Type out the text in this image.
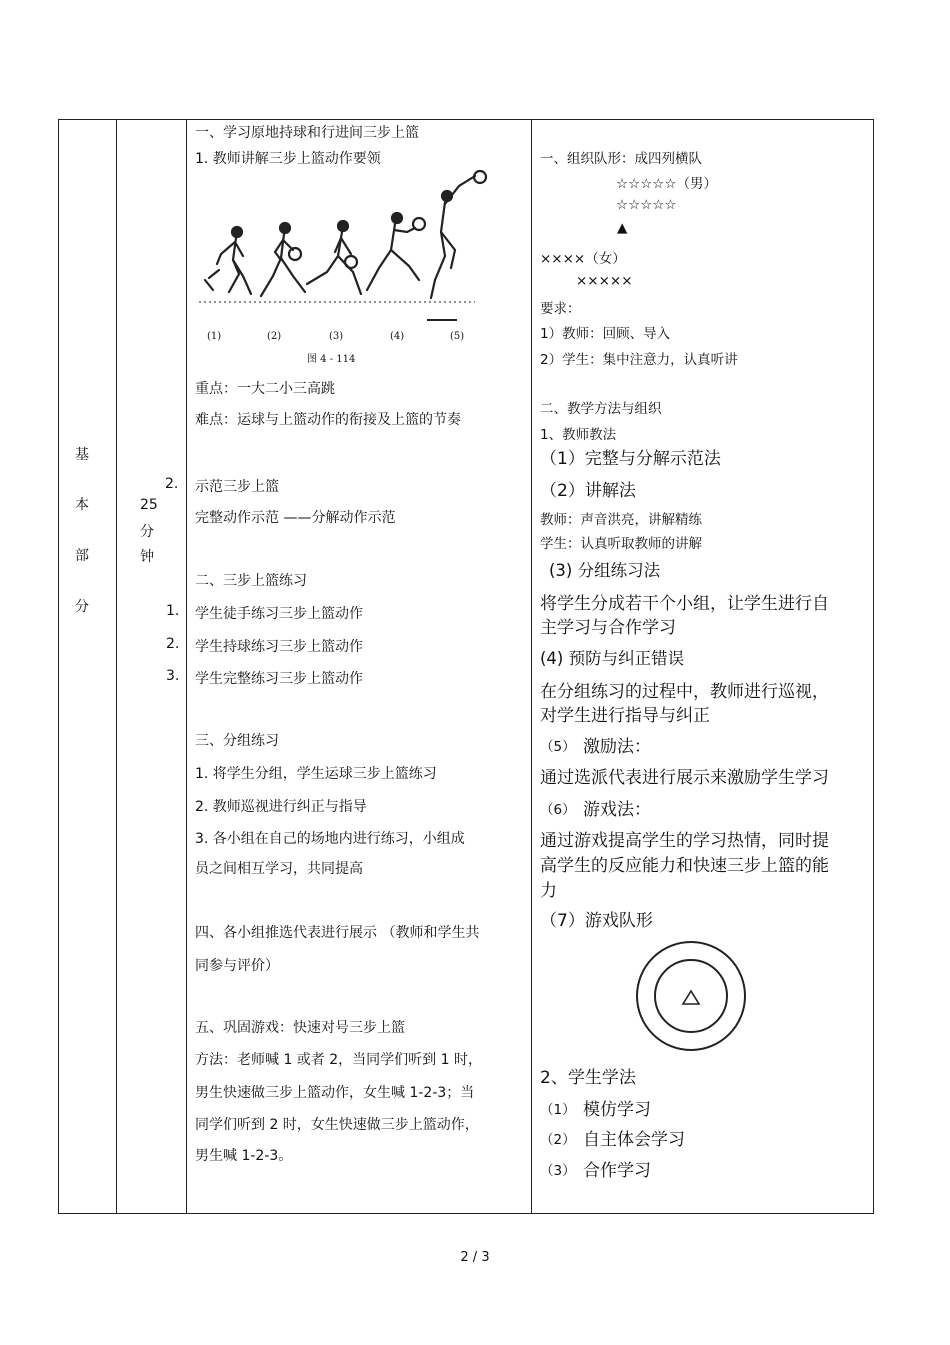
基
本
部
分
2.
25
分
钟
1.
2.
3.
一、学习原地持球和行进间三步上篮
1. 教师讲解三步上篮动作要领
(1)	(2)	(3)	(4)	(5)
图 4 - 114
重点：一大二小三高跳
难点：运球与上篮动作的衔接及上篮的节奏
示范三步上篮
完整动作示范 ——分解动作示范
二、三步上篮练习
学生徒手练习三步上篮动作
学生持球练习三步上篮动作
学生完整练习三步上篮动作
三、分组练习
1. 将学生分组，学生运球三步上篮练习
2. 教师巡视进行纠正与指导
3. 各小组在自己的场地内进行练习，小组成
员之间相互学习，共同提高
四、各小组推选代表进行展示 （教师和学生共
同参与评价）
五、巩固游戏：快速对号三步上篮
方法：老师喊 1 或者 2，当同学们听到 1 时，
男生快速做三步上篮动作，女生喊 1-2-3；当
同学们听到 2 时，女生快速做三步上篮动作，
男生喊 1-2-3。
一、组织队形：成四列横队
☆☆☆☆☆（男）
☆☆☆☆☆
▲
××××（女）
×××××
要求：
1）教师：回顾、导入
2）学生：集中注意力，认真听讲
二、教学方法与组织
1、教师教法
（1）完整与分解示范法
（2）讲解法
教师：声音洪亮，讲解精练
学生：认真听取教师的讲解
(3) 分组练习法
将学生分成若干个小组，让学生进行自
主学习与合作学习
(4) 预防与纠正错误
在分组练习的过程中，教师进行巡视，
对学生进行指导与纠正
（5） 激励法：
通过选派代表进行展示来激励学生学习
（6） 游戏法：
通过游戏提高学生的学习热情，同时提
高学生的反应能力和快速三步上篮的能
力
（7）游戏队形
2、学生学法
（1） 模仿学习
（2） 自主体会学习
（3） 合作学习
2 / 3
